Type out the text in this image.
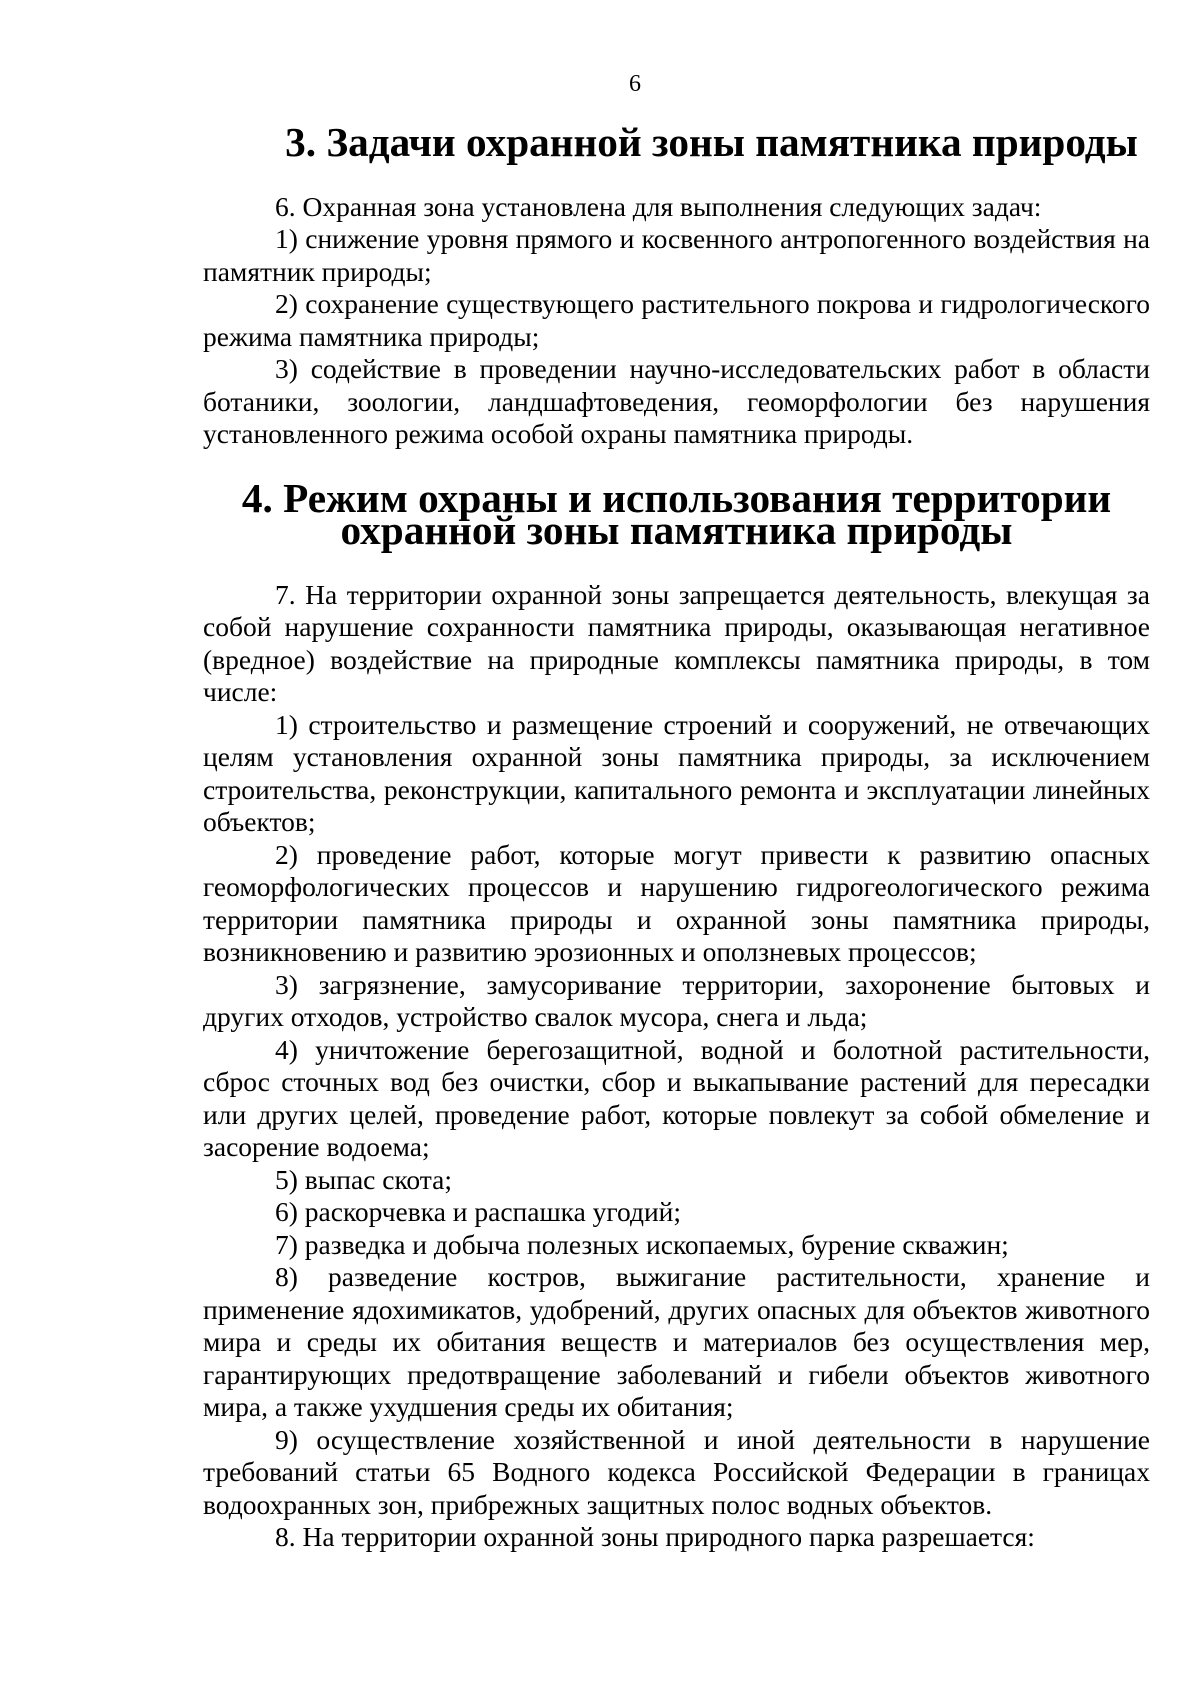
6
3. Задачи охранной зоны памятника природы

6. Охранная зона установлена для выполнения следующих задач:

1) снижение уровня прямого и косвенного антропогенного воздействия на памятник природы;

2) сохранение существующего растительного покрова и гидрологического режима памятника природы;

3) содействие в проведении научно-исследовательских работ в области ботаники, зоологии, ландшафтоведения, геоморфологии без нарушения установленного режима особой охраны памятника природы.

4. Режим охраны и использования территории охранной зоны памятника природы

7. На территории охранной зоны запрещается деятельность, влекущая за собой нарушение сохранности памятника природы, оказывающая негативное (вредное) воздействие на природные комплексы памятника природы, в том числе:

1) строительство и размещение строений и сооружений, не отвечающих целям установления охранной зоны памятника природы, за исключением строительства, реконструкции, капитального ремонта и эксплуатации линейных объектов;

2) проведение работ, которые могут привести к развитию опасных геоморфологических процессов и нарушению гидрогеологического режима территории памятника природы и охранной зоны памятника природы, возникновению и развитию эрозионных и оползневых процессов;

3) загрязнение, замусоривание территории, захоронение бытовых и других отходов, устройство свалок мусора, снега и льда;

4) уничтожение берегозащитной, водной и болотной растительности, сброс сточных вод без очистки, сбор и выкапывание растений для пересадки или других целей, проведение работ, которые повлекут за собой обмеление и засорение водоема;

5) выпас скота;

6) раскорчевка и распашка угодий;

7) разведка и добыча полезных ископаемых, бурение скважин;

8) разведение костров, выжигание растительности, хранение и применение ядохимикатов, удобрений, других опасных для объектов животного мира и среды их обитания веществ и материалов без осуществления мер, гарантирующих предотвращение заболеваний и гибели объектов животного мира, а также ухудшения среды их обитания;

9) осуществление хозяйственной и иной деятельности в нарушение требований статьи 65 Водного кодекса Российской Федерации в границах водоохранных зон, прибрежных защитных полос водных объектов.

8. На территории охранной зоны природного парка разрешается:
